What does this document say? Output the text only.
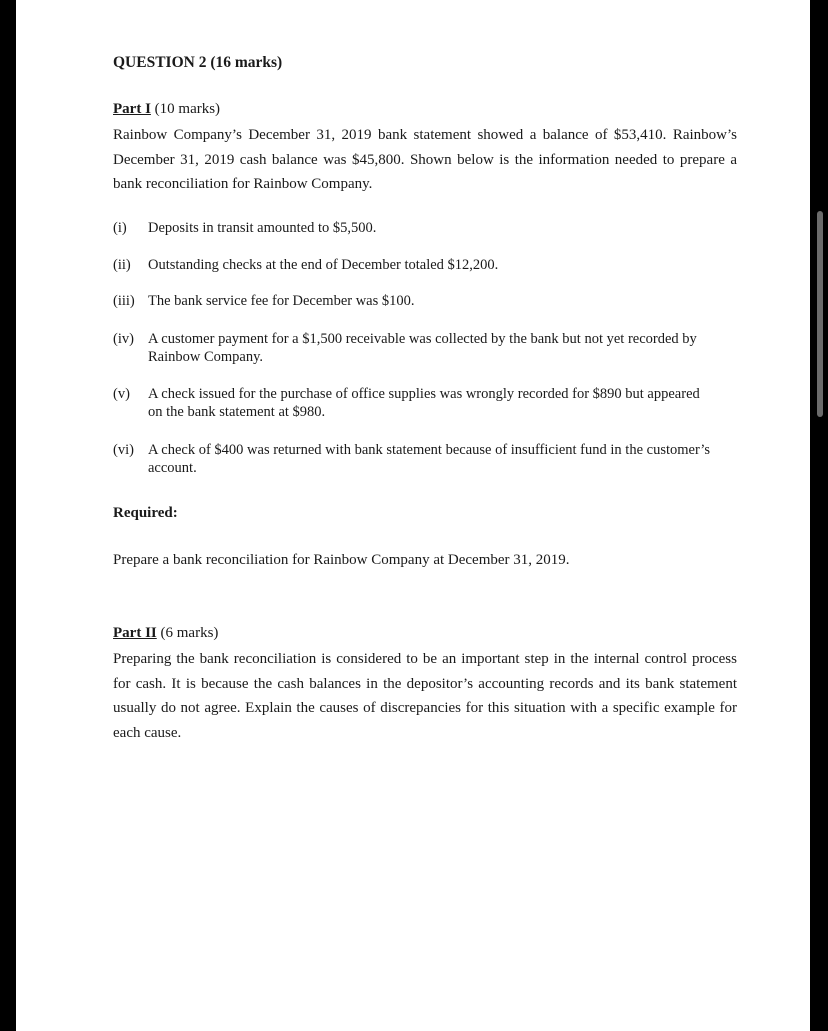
QUESTION 2 (16 marks)
Part I (10 marks)
Rainbow Company’s December 31, 2019 bank statement showed a balance of $53,410. Rainbow’s December 31, 2019 cash balance was $45,800. Shown below is the information needed to prepare a bank reconciliation for Rainbow Company.
(i)	Deposits in transit amounted to $5,500.
(ii)	Outstanding checks at the end of December totaled $12,200.
(iii) The bank service fee for December was $100.
(iv) A customer payment for a $1,500 receivable was collected by the bank but not yet recorded by Rainbow Company.
(v)	A check issued for the purchase of office supplies was wrongly recorded for $890 but appeared on the bank statement at $980.
(vi) A check of $400 was returned with bank statement because of insufficient fund in the customer’s account.
Required:
Prepare a bank reconciliation for Rainbow Company at December 31, 2019.
Part II (6 marks)
Preparing the bank reconciliation is considered to be an important step in the internal control process for cash. It is because the cash balances in the depositor’s accounting records and its bank statement usually do not agree. Explain the causes of discrepancies for this situation with a specific example for each cause.
